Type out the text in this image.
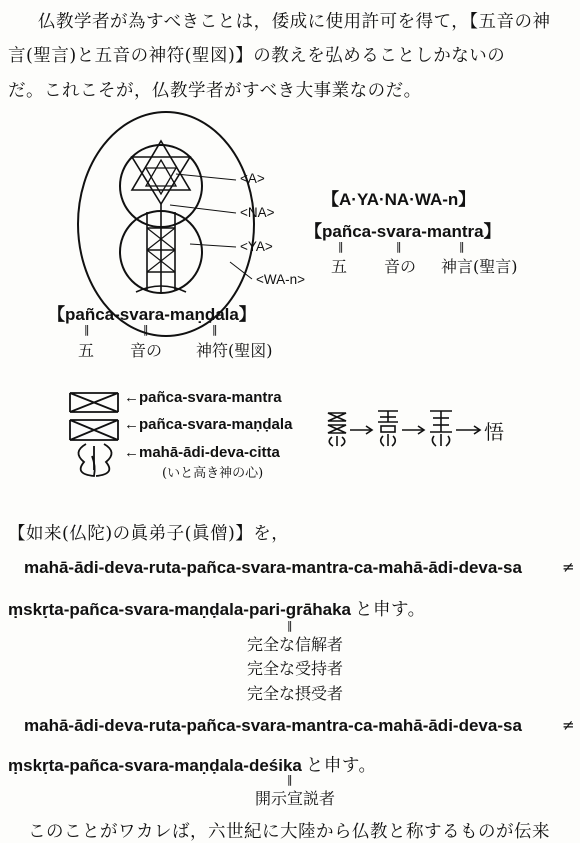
仏教学者が為すべきことは，倭成に使用許可を得て，【五音の神
言(聖言)と五音の神符(聖図)】の教えを弘めることしかないの
だ。これこそが，仏教学者がすべき大事業なのだ。
<A>
<NA>
<YA>
<WA-n>
【A·YA·NA·WA-n】
【pañca-svara-mantra】
‖	‖	‖
五 音の 神言(聖言)
【pañca-svara-maṇḍala】
‖	‖	‖
五 音の 神符(聖図)
←pañca-svara-mantra
←pañca-svara-maṇḍala
←mahā-ādi-deva-citta
(いと高き神の心)
悟
【如来(仏陀)の眞弟子(眞僧)】を，
mahā-ādi-deva-ruta-pañca-svara-mantra-ca-mahā-ādi-deva-sa	≠
ṃskṛta-pañca-svara-maṇḍala-pari-grāhaka と申す。
‖
完全な信解者
完全な受持者
完全な摂受者
mahā-ādi-deva-ruta-pañca-svara-mantra-ca-mahā-ādi-deva-sa	≠
ṃskṛta-pañca-svara-maṇḍala-deśika と申す。
‖
開示宣説者
このことがワカレば，六世紀に大陸から仏教と称するものが伝来
